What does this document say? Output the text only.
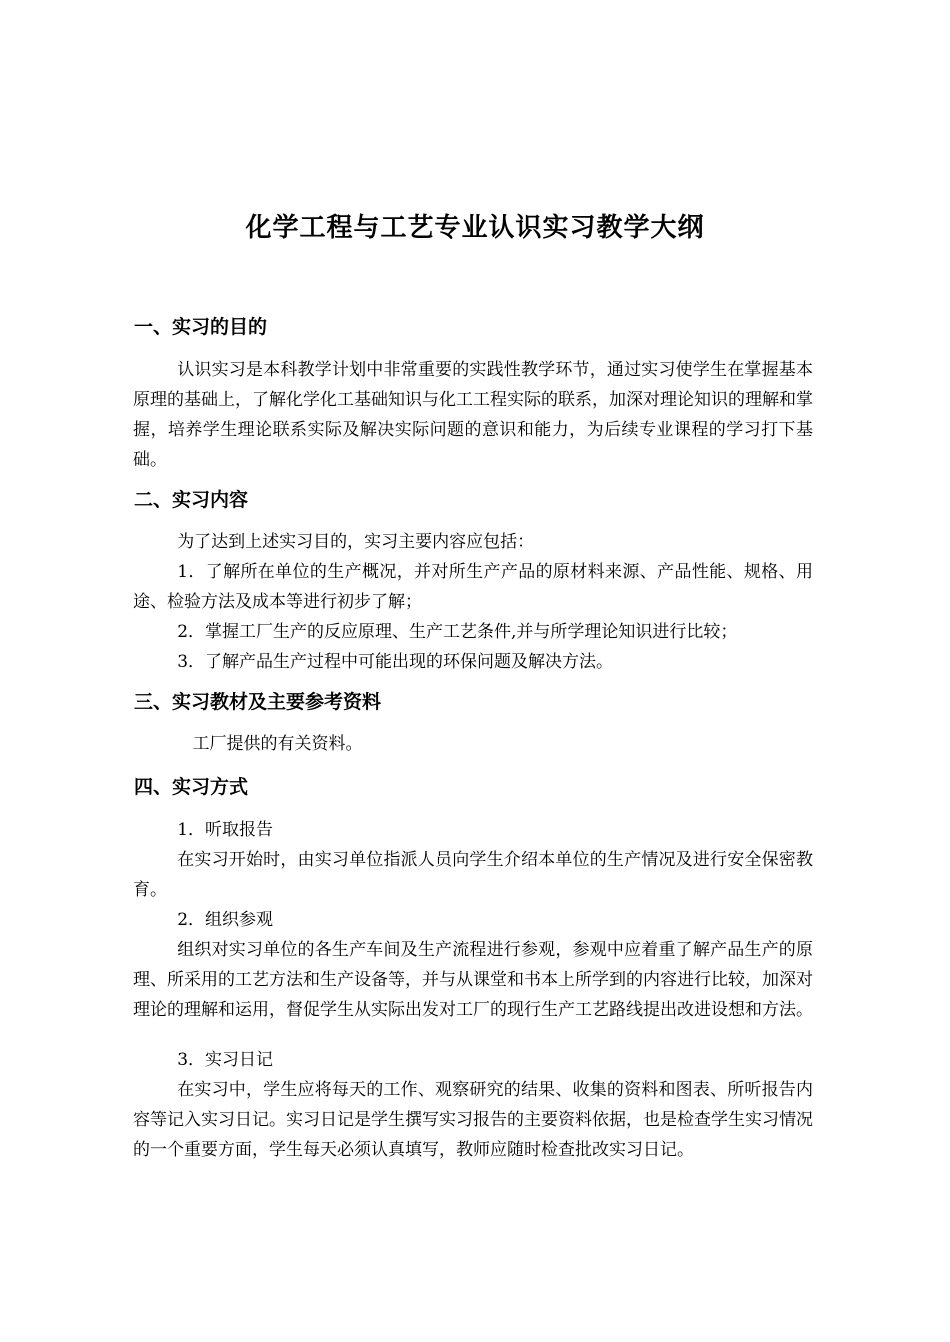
化学工程与工艺专业认识实习教学大纲
一、实习的目的
认识实习是本科教学计划中非常重要的实践性教学环节，通过实习使学生在掌握基本原理的基础上，了解化学化工基础知识与化工工程实际的联系，加深对理论知识的理解和掌握，培养学生理论联系实际及解决实际问题的意识和能力，为后续专业课程的学习打下基础。
二、实习内容
为了达到上述实习目的，实习主要内容应包括：
1．了解所在单位的生产概况，并对所生产产品的原材料来源、产品性能、规格、用途、检验方法及成本等进行初步了解；
2．掌握工厂生产的反应原理、生产工艺条件,并与所学理论知识进行比较；
3．了解产品生产过程中可能出现的环保问题及解决方法。
三、实习教材及主要参考资料
工厂提供的有关资料。
四、实习方式
1．听取报告
在实习开始时，由实习单位指派人员向学生介绍本单位的生产情况及进行安全保密教育。
2．组织参观
组织对实习单位的各生产车间及生产流程进行参观，参观中应着重了解产品生产的原理、所采用的工艺方法和生产设备等，并与从课堂和书本上所学到的内容进行比较，加深对理论的理解和运用，督促学生从实际出发对工厂的现行生产工艺路线提出改进设想和方法。
3．实习日记
在实习中，学生应将每天的工作、观察研究的结果、收集的资料和图表、所听报告内容等记入实习日记。实习日记是学生撰写实习报告的主要资料依据，也是检查学生实习情况的一个重要方面，学生每天必须认真填写，教师应随时检查批改实习日记。
